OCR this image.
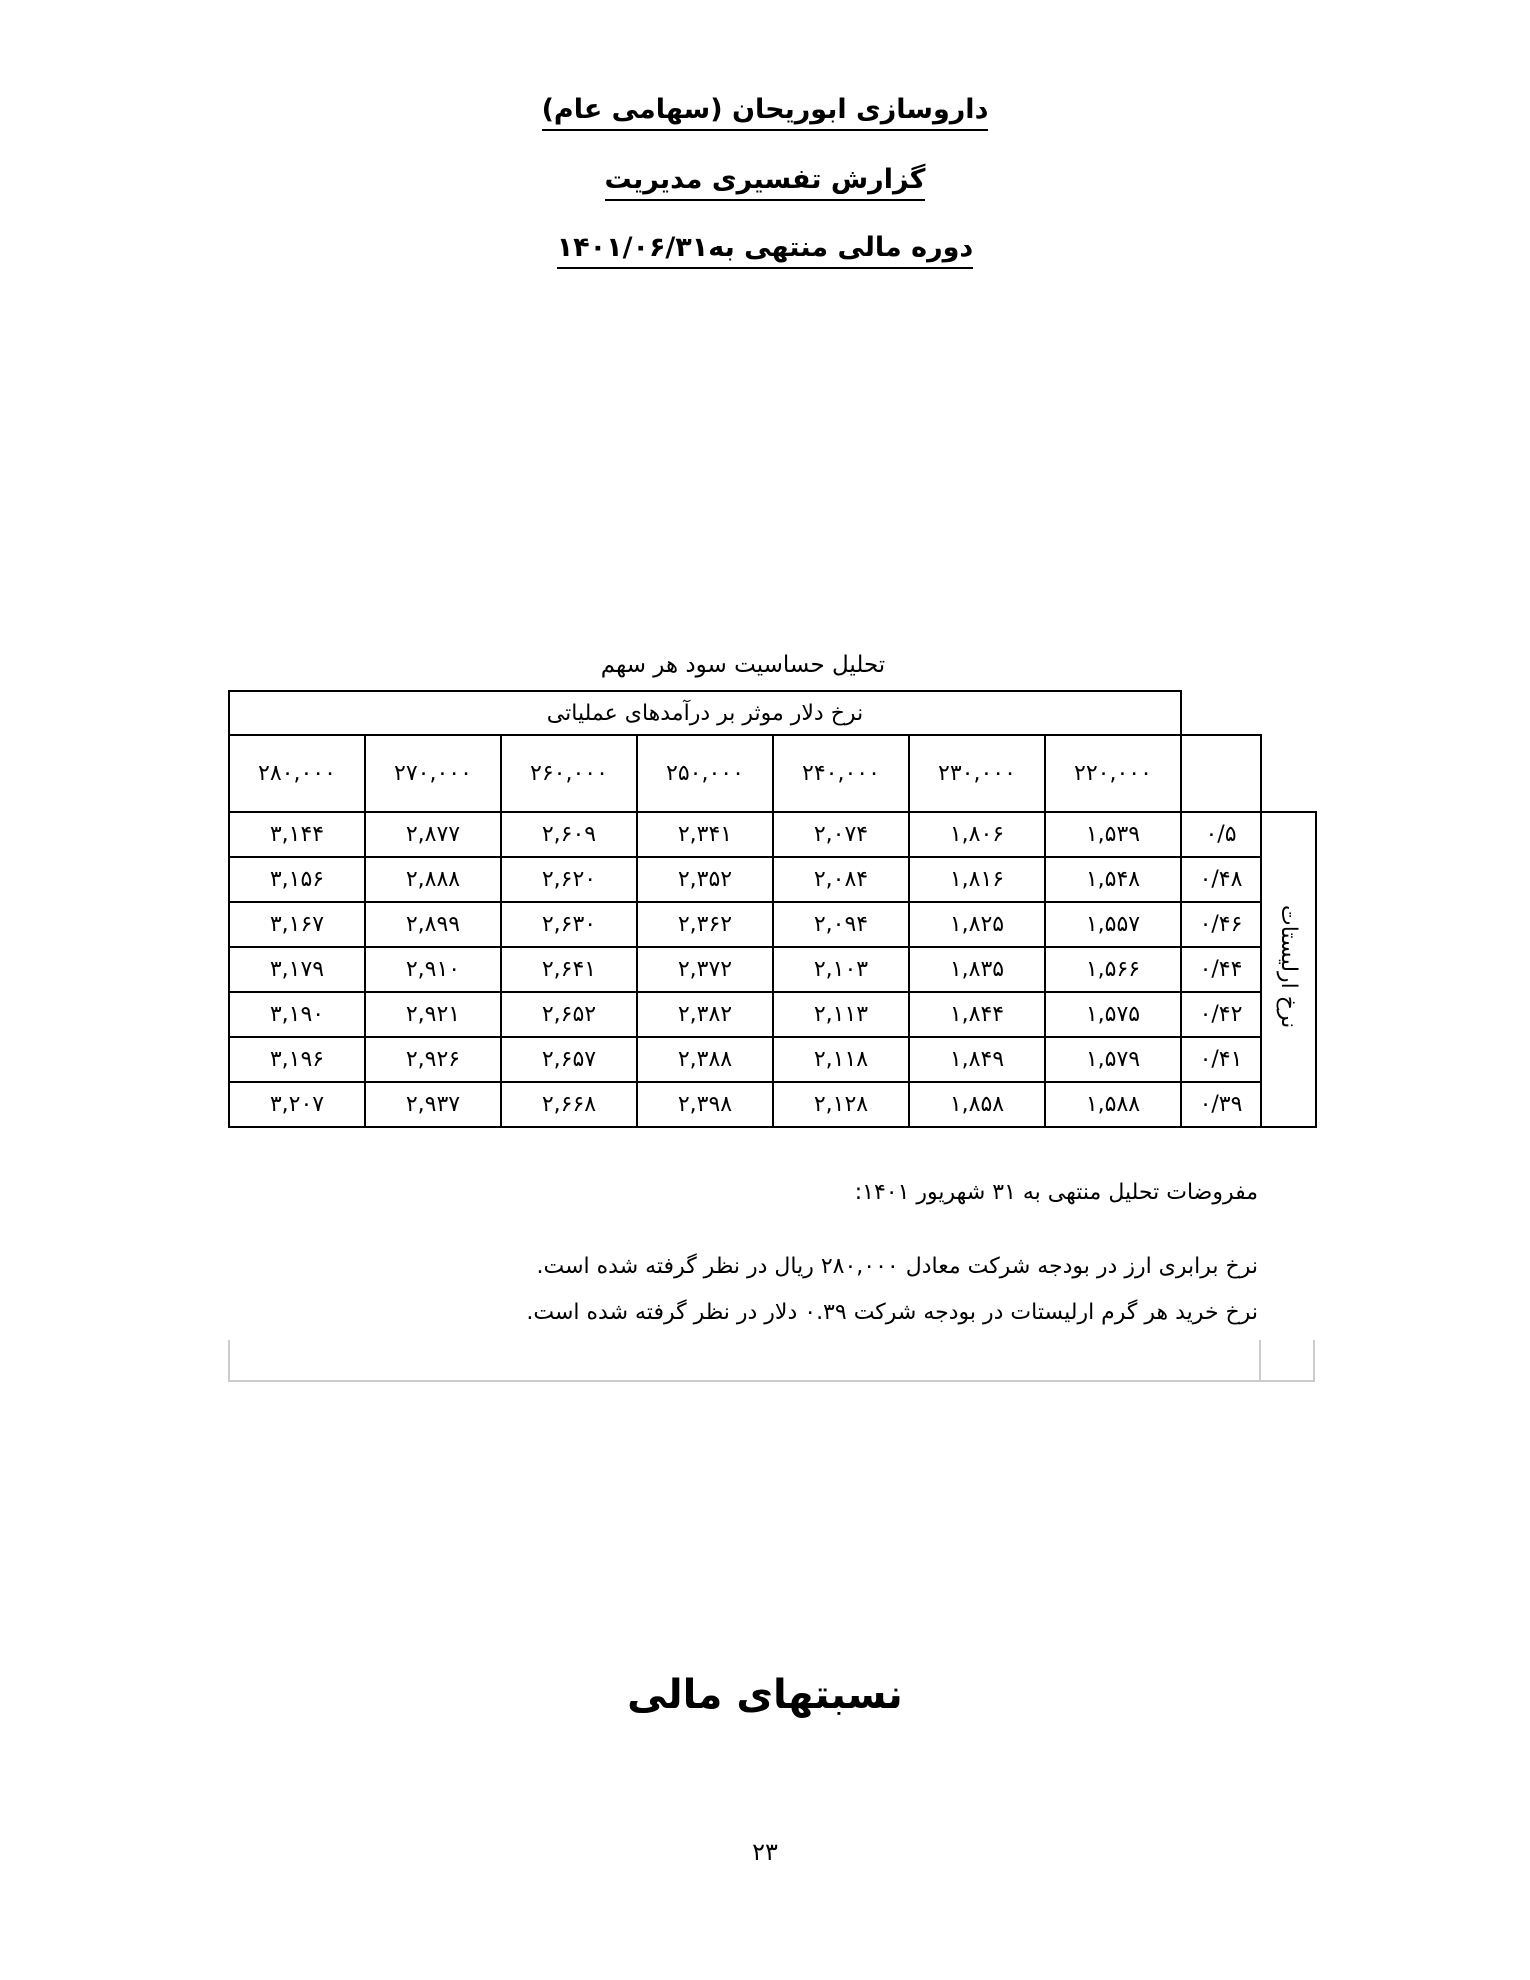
داروسازی ابوریحان (سهامی عام)
گزارش تفسیری مدیریت
دوره مالی منتهی به۱۴۰۱/۰۶/۳۱
تحلیل حساسیت سود هر سهم
نرخ دلار موثر بر درآمدهای عملیاتی								
۲۸۰,۰۰۰	۲۷۰,۰۰۰	۲۶۰,۰۰۰	۲۵۰,۰۰۰	۲۴۰,۰۰۰	۲۳۰,۰۰۰	۲۲۰,۰۰۰		
۳,۱۴۴	۲,۸۷۷	۲,۶۰۹	۲,۳۴۱	۲,۰۷۴	۱,۸۰۶	۱,۵۳۹	۰/۵	نرخ ارلیستات
۳,۱۵۶	۲,۸۸۸	۲,۶۲۰	۲,۳۵۲	۲,۰۸۴	۱,۸۱۶	۱,۵۴۸	۰/۴۸	
۳,۱۶۷	۲,۸۹۹	۲,۶۳۰	۲,۳۶۲	۲,۰۹۴	۱,۸۲۵	۱,۵۵۷	۰/۴۶	
۳,۱۷۹	۲,۹۱۰	۲,۶۴۱	۲,۳۷۲	۲,۱۰۳	۱,۸۳۵	۱,۵۶۶	۰/۴۴	
۳,۱۹۰	۲,۹۲۱	۲,۶۵۲	۲,۳۸۲	۲,۱۱۳	۱,۸۴۴	۱,۵۷۵	۰/۴۲	
۳,۱۹۶	۲,۹۲۶	۲,۶۵۷	۲,۳۸۸	۲,۱۱۸	۱,۸۴۹	۱,۵۷۹	۰/۴۱	
۳,۲۰۷	۲,۹۳۷	۲,۶۶۸	۲,۳۹۸	۲,۱۲۸	۱,۸۵۸	۱,۵۸۸	۰/۳۹	
مفروضات تحلیل منتهی به ۳۱ شهریور ۱۴۰۱:
نرخ برابری ارز در بودجه شرکت معادل ۲۸۰,۰۰۰ ریال در نظر گرفته شده است.
نرخ خرید هر گرم ارلیستات در بودجه شرکت ۰.۳۹ دلار در نظر گرفته شده است.
نسبتهای مالی
۲۳
